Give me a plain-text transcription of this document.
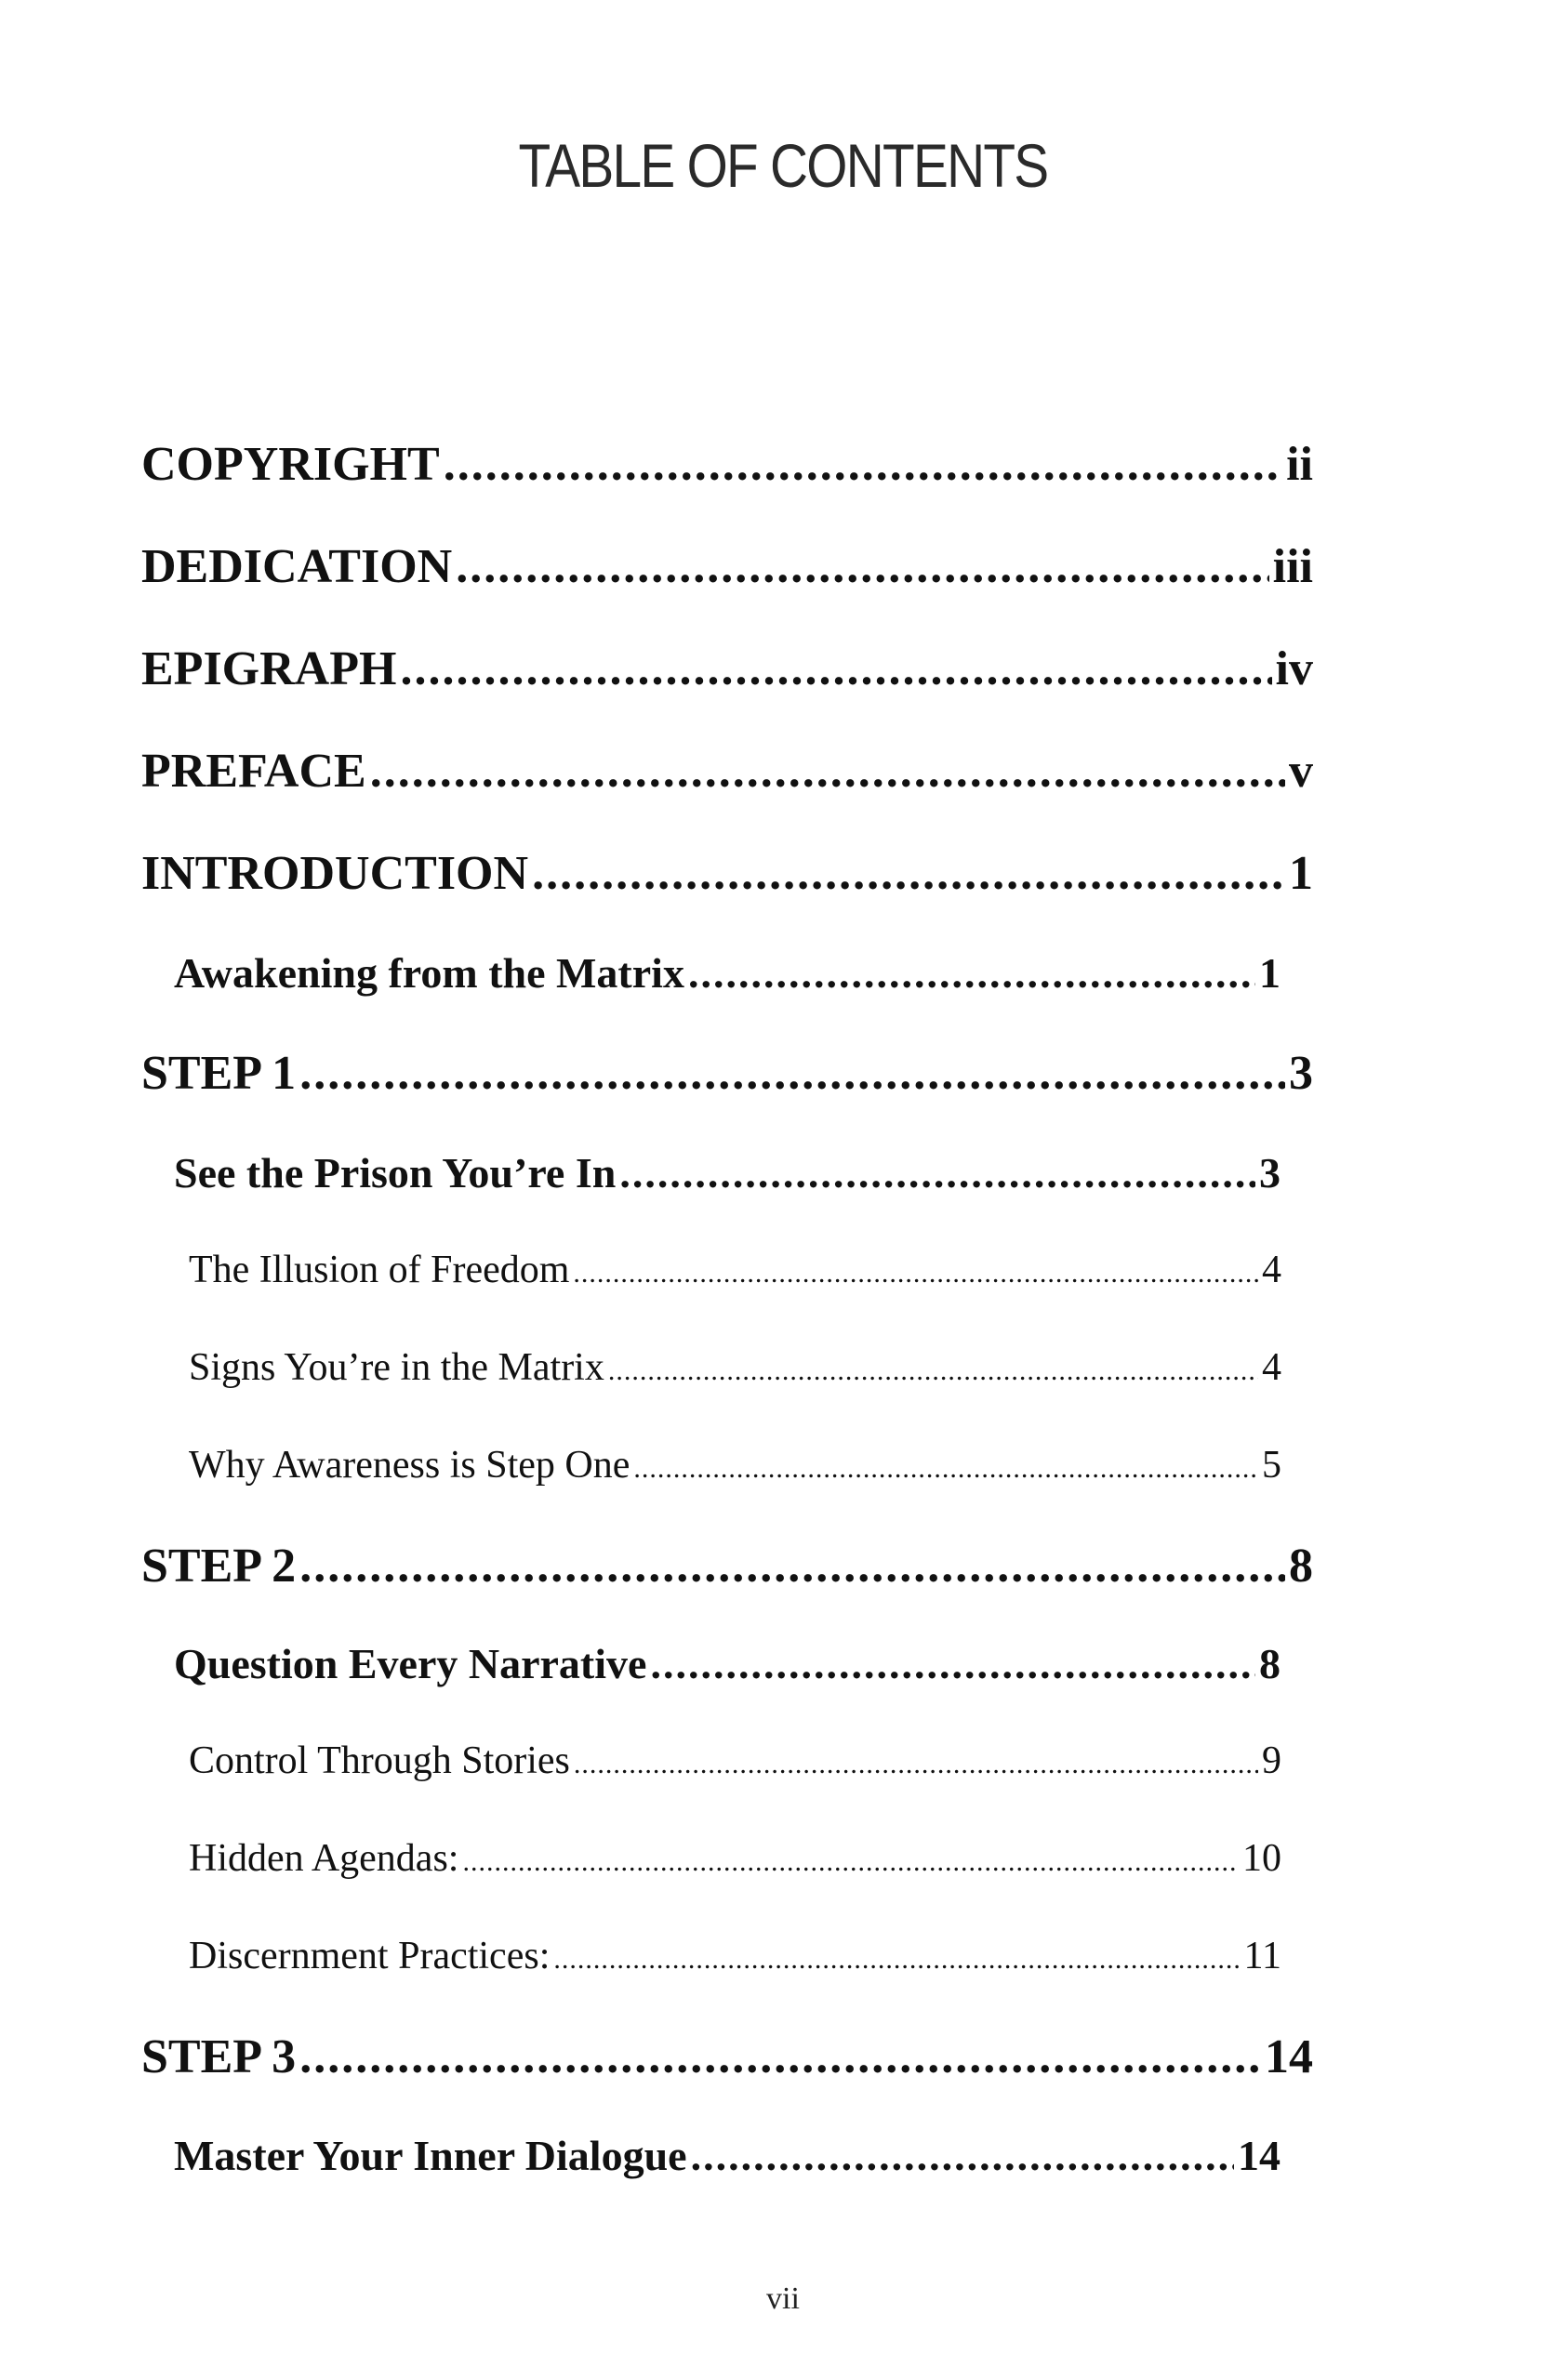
TABLE OF CONTENTS
COPYRIGHT .....	ii
DEDICATION .....	iii
EPIGRAPH .....	iv
PREFACE .....	v
INTRODUCTION .....	1
Awakening from the Matrix .....	1
STEP 1 .....	3
See the Prison You’re In .....	3
The Illusion of Freedom .....	4
Signs You’re in the Matrix .....	4
Why Awareness is Step One .....	5
STEP 2 .....	8
Question Every Narrative .....	8
Control Through Stories .....	9
Hidden Agendas: .....	10
Discernment Practices: .....	11
STEP 3 .....	14
Master Your Inner Dialogue .....	14
vii
